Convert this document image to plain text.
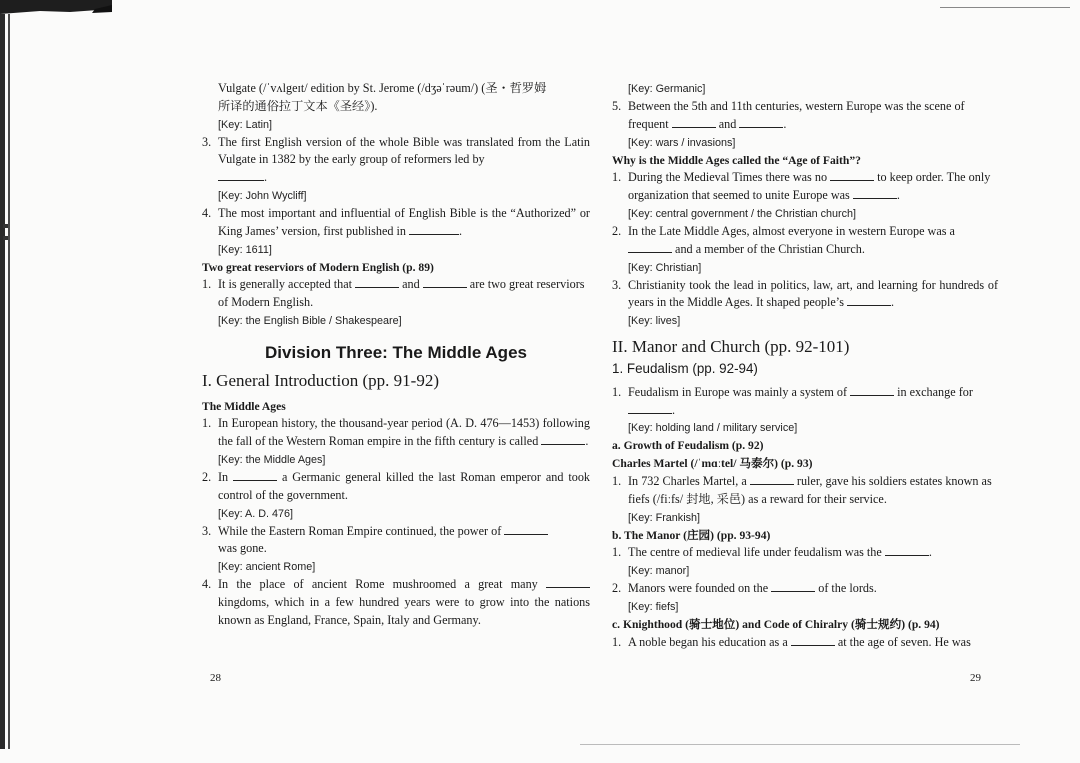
Vulgate (/ˈvʌlgeɪt/ edition by St. Jerome (/dʒəˈrəum/) (圣・哲罗姆
所译的通俗拉丁文本《圣经》).
[Key: Latin]
3. The first English version of the whole Bible was translated from the Latin Vulgate in 1382 by the early group of reformers led by
.
[Key: John Wycliff]
4. The most important and influential of English Bible is the “Authorized” or King James’ version, first published in	.
[Key: 1611]
Two great reserviors of Modern English (p. 89)
1. It is generally accepted that	and	are two great reserviors of Modern English.
[Key: the English Bible / Shakespeare]
Division Three: The Middle Ages
I. General Introduction (pp. 91-92)
The Middle Ages
1. In European history, the thousand-year period (A. D. 476—1453) following the fall of the Western Roman empire in the fifth century is called	.
[Key: the Middle Ages]
2. In	a Germanic general killed the last Roman emperor and took control of the government.
[Key: A. D. 476]
3. While the Eastern Roman Empire continued, the power of
was gone.
[Key: ancient Rome]
4. In the place of ancient Rome mushroomed a great many  kingdoms, which in a few hundred years were to grow into the nations known as England, France, Spain, Italy and Germany.
28
[Key: Germanic]
5. Between the 5th and 11th centuries, western Europe was the scene of frequent	and	.
[Key: wars / invasions]
Why is the Middle Ages called the “Age of Faith”?
1. During the Medieval Times there was no	to keep order. The only organization that seemed to unite Europe was	.
[Key: central government / the Christian church]
2. In the Late Middle Ages, almost everyone in western Europe was a
and a member of the Christian Church.
[Key: Christian]
3. Christianity took the lead in politics, law, art, and learning for hundreds of years in the Middle Ages. It shaped people’s	.
[Key: lives]
II. Manor and Church (pp. 92-101)
1. Feudalism (pp. 92-94)
1. Feudalism in Europe was mainly a system of	in exchange for
.
[Key: holding land / military service]
a. Growth of Feudalism (p. 92)
Charles Martel (/ˈmɑːtel/ 马泰尔) (p. 93)
1. In 732 Charles Martel, a	ruler, gave his soldiers estates known as fiefs (/fiːfs/ 封地, 采邑) as a reward for their service.
[Key: Frankish]
b. The Manor (庄园) (pp. 93-94)
1. The centre of medieval life under feudalism was the	.
[Key: manor]
2. Manors were founded on the	of the lords.
[Key: fiefs]
c. Knighthood (骑士地位) and Code of Chiralry (骑士规约) (p. 94)
1. A noble began his education as a	at the age of seven. He was
29
